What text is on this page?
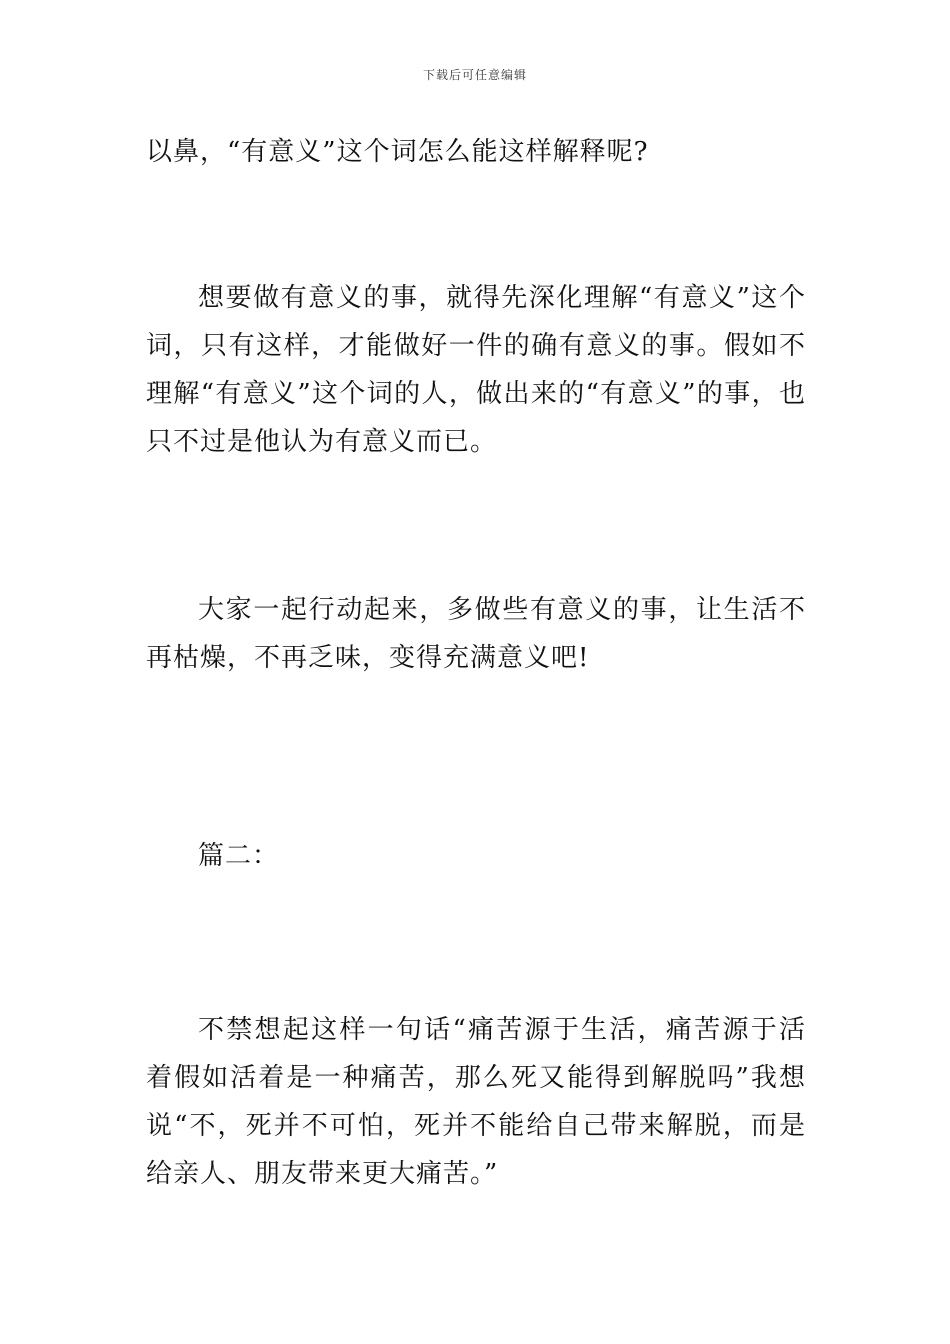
下载后可任意编辑

以鼻，“有意义”这个词怎么能这样解释呢?

想要做有意义的事，就得先深化理解“有意义”这个词，只有这样，才能做好一件的确有意义的事。假如不理解“有意义”这个词的人，做出来的“有意义”的事，也只不过是他认为有意义而已。

大家一起行动起来，多做些有意义的事，让生活不再枯燥，不再乏味，变得充满意义吧!

篇二：

不禁想起这样一句话“痛苦源于生活，痛苦源于活着假如活着是一种痛苦，那么死又能得到解脱吗”我想说“不，死并不可怕，死并不能给自己带来解脱，而是给亲人、朋友带来更大痛苦。”
